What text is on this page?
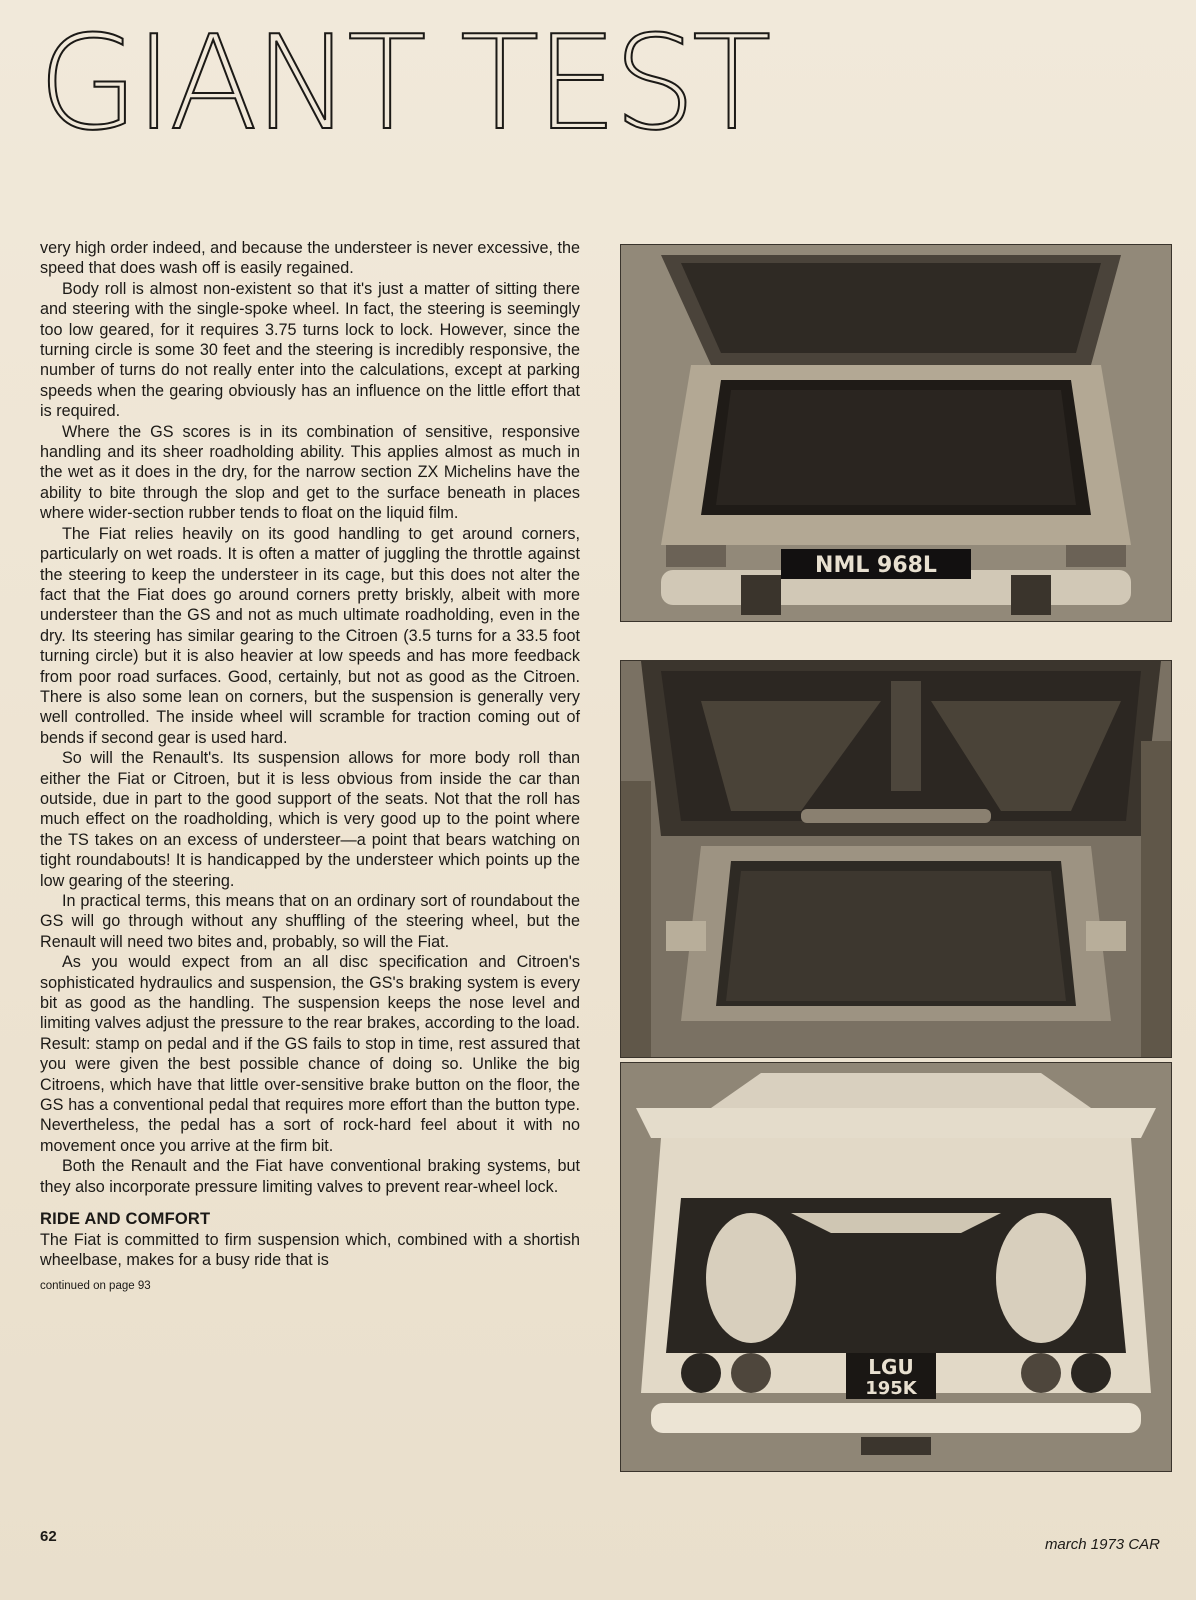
GIANT TEST

very high order indeed, and because the understeer is never excessive, the speed that does wash off is easily regained.

Body roll is almost non-existent so that it's just a matter of sitting there and steering with the single-spoke wheel. In fact, the steering is seemingly too low geared, for it requires 3.75 turns lock to lock. However, since the turning circle is some 30 feet and the steering is incredibly responsive, the number of turns do not really enter into the calculations, except at parking speeds when the gearing obviously has an influence on the little effort that is required.

Where the GS scores is in its combination of sensitive, responsive handling and its sheer roadholding ability. This applies almost as much in the wet as it does in the dry, for the narrow section ZX Michelins have the ability to bite through the slop and get to the surface beneath in places where wider-section rubber tends to float on the liquid film.

The Fiat relies heavily on its good handling to get around corners, particularly on wet roads. It is often a matter of juggling the throttle against the steering to keep the understeer in its cage, but this does not alter the fact that the Fiat does go around corners pretty briskly, albeit with more understeer than the GS and not as much ultimate roadholding, even in the dry. Its steering has similar gearing to the Citroen (3.5 turns for a 33.5 foot turning circle) but it is also heavier at low speeds and has more feedback from poor road surfaces. Good, certainly, but not as good as the Citroen. There is also some lean on corners, but the suspension is generally very well controlled. The inside wheel will scramble for traction coming out of bends if second gear is used hard.

So will the Renault's. Its suspension allows for more body roll than either the Fiat or Citroen, but it is less obvious from inside the car than outside, due in part to the good support of the seats. Not that the roll has much effect on the roadholding, which is very good up to the point where the TS takes on an excess of understeer—a point that bears watching on tight roundabouts! It is handicapped by the understeer which points up the low gearing of the steering.

In practical terms, this means that on an ordinary sort of roundabout the GS will go through without any shuffling of the steering wheel, but the Renault will need two bites and, probably, so will the Fiat.

As you would expect from an all disc specification and Citroen's sophisticated hydraulics and suspension, the GS's braking system is every bit as good as the handling. The suspension keeps the nose level and limiting valves adjust the pressure to the rear brakes, according to the load. Result: stamp on pedal and if the GS fails to stop in time, rest assured that you were given the best possible chance of doing so. Unlike the big Citroens, which have that little over-sensitive brake button on the floor, the GS has a conventional pedal that requires more effort than the button type. Nevertheless, the pedal has a sort of rock-hard feel about it with no movement once you arrive at the firm bit.

Both the Renault and the Fiat have conventional braking systems, but they also incorporate pressure limiting valves to prevent rear-wheel lock.

RIDE AND COMFORT

The Fiat is committed to firm suspension which, combined with a shortish wheelbase, makes for a busy ride that is

continued on page 93
NML 968L
LGU
195K
62	march 1973 CAR
